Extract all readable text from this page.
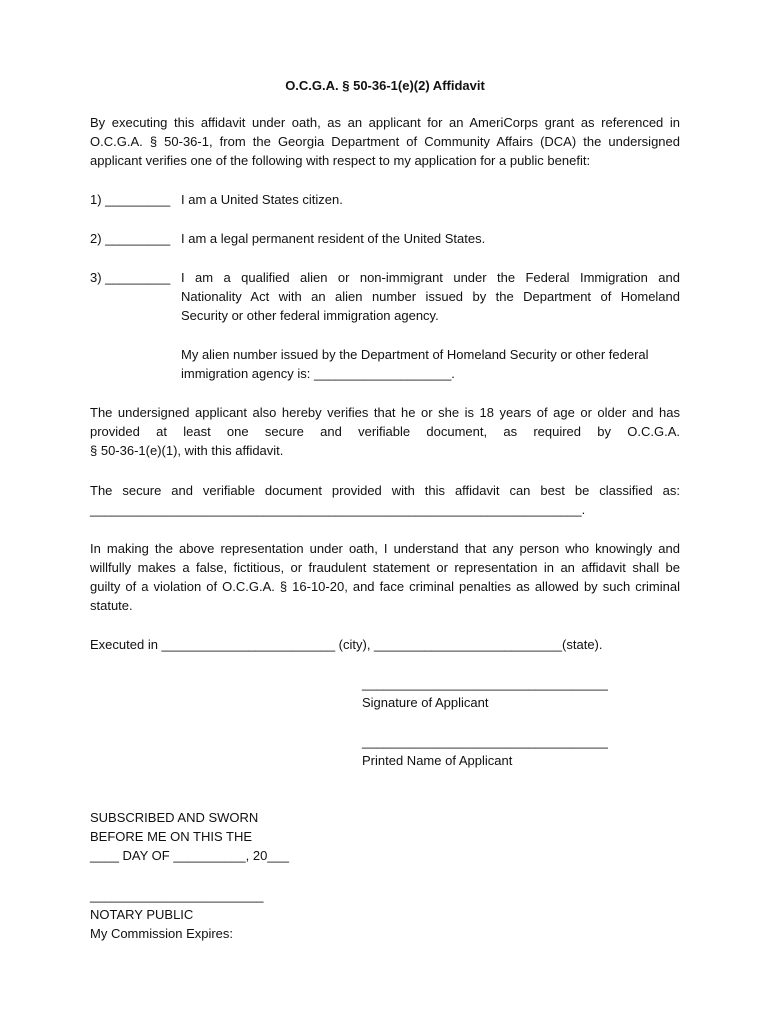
O.C.G.A. § 50-36-1(e)(2) Affidavit
By executing this affidavit under oath, as an applicant for an AmeriCorps grant as referenced in
O.C.G.A. § 50-36-1, from the Georgia Department of Community Affairs (DCA) the undersigned
applicant verifies one of the following with respect to my application for a public benefit:
1) _________ I am a United States citizen.
2) _________ I am a legal permanent resident of the United States.
3) _________ I am a qualified alien or non-immigrant under the Federal Immigration and
Nationality Act with an alien number issued by the Department of Homeland
Security or other federal immigration agency.
My alien number issued by the Department of Homeland Security or other federal
immigration agency is: ___________________.
The undersigned applicant also hereby verifies that he or she is 18 years of age or older and has
provided at least one secure and verifiable document, as required by O.C.G.A.
§ 50-36-1(e)(1), with this affidavit.
The secure and verifiable document provided with this affidavit can best be classified as:
____________________________________________________________________.
In making the above representation under oath, I understand that any person who knowingly and
willfully makes a false, fictitious, or fraudulent statement or representation in an affidavit shall be
guilty of a violation of O.C.G.A. § 16-10-20, and face criminal penalties as allowed by such criminal
statute.
Executed in ________________________ (city), __________________________(state).
__________________________________
Signature of Applicant
__________________________________
Printed Name of Applicant
SUBSCRIBED AND SWORN
BEFORE ME ON THIS THE
____ DAY OF __________, 20___
________________________
NOTARY PUBLIC
My Commission Expires:
